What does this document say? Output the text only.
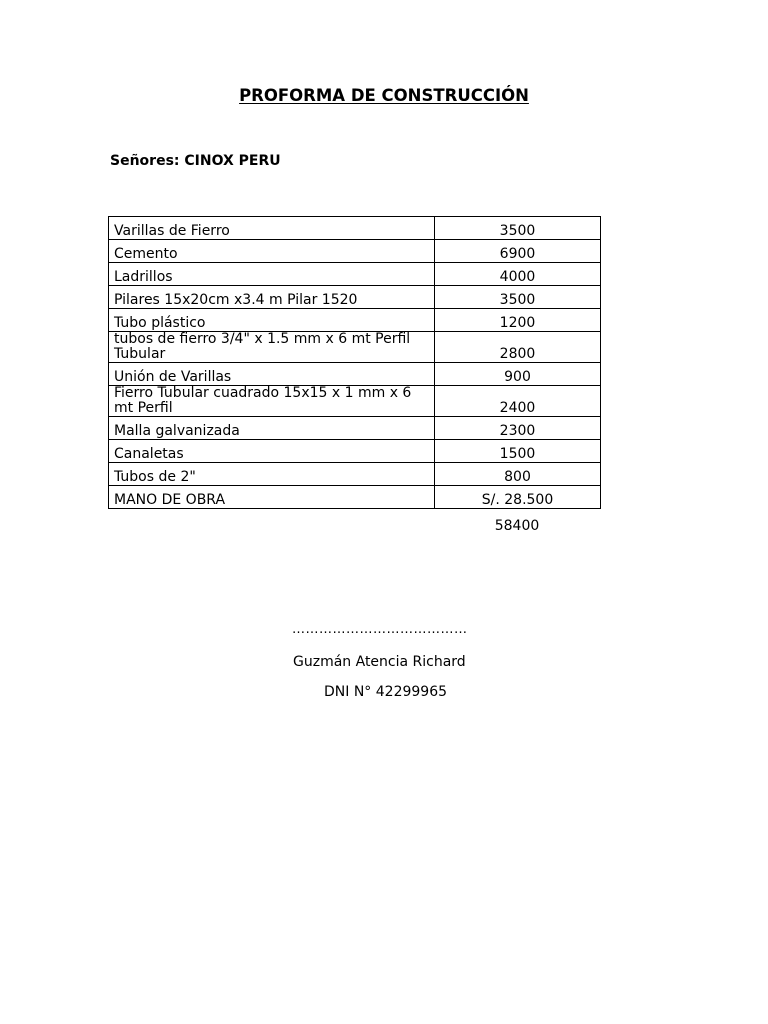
PROFORMA DE CONSTRUCCIÓN
Señores: CINOX PERU
Varillas de Fierro	3500
Cemento	6900
Ladrillos	4000
Pilares 15x20cm x3.4 m Pilar 1520	3500
Tubo plástico	1200
tubos de fierro 3/4" x 1.5 mm x 6 mt Perfil Tubular	2800
Unión de Varillas	900
Fierro Tubular cuadrado 15x15 x 1 mm x 6 mt Perfil	2400
Malla galvanizada	2300
Canaletas	1500
Tubos de 2"	800
MANO DE OBRA	S/. 28.500
58400
…………………………………
Guzmán Atencia Richard
DNI N° 42299965
